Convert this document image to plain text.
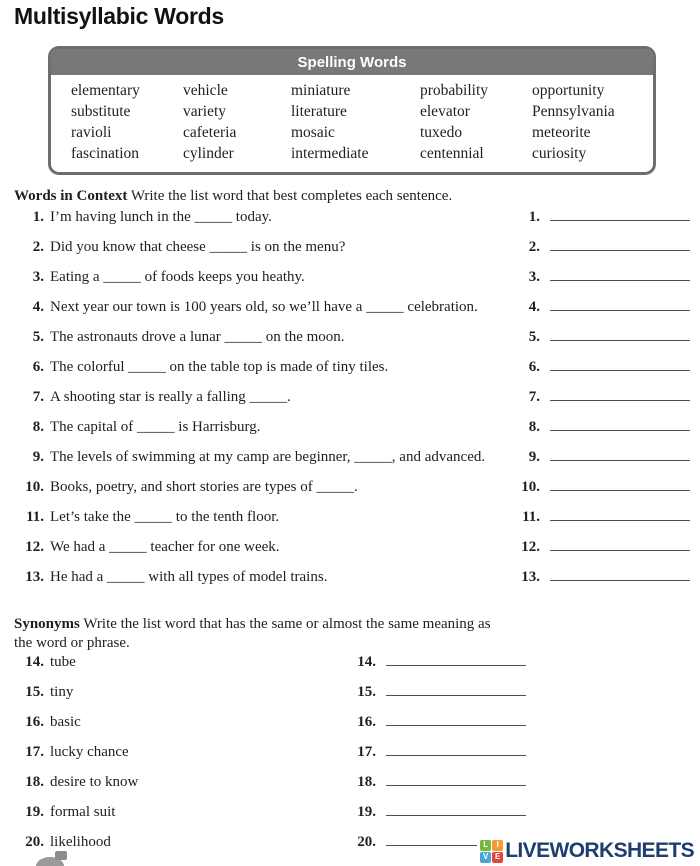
Multisyllabic Words
Spelling Words
elementary	vehicle	miniature	probability	opportunity
substitute	variety	literature	elevator	Pennsylvania
ravioli	cafeteria	mosaic	tuxedo	meteorite
fascination	cylinder	intermediate	centennial	curiosity
Words in Context Write the list word that best completes each sentence.
1. I’m having lunch in the _____ today.	1.
2. Did you know that cheese _____ is on the menu?	2.
3. Eating a _____ of foods keeps you heathy.	3.
4. Next year our town is 100 years old, so we’ll have a _____ celebration.	4.
5. The astronauts drove a lunar _____ on the moon.	5.
6. The colorful _____ on the table top is made of tiny tiles.	6.
7. A shooting star is really a falling _____.	7.
8. The capital of _____ is Harrisburg.	8.
9. The levels of swimming at my camp are beginner, _____, and advanced.	9.
10. Books, poetry, and short stories are types of _____.	10.
11. Let’s take the _____ to the tenth floor.	11.
12. We had a _____ teacher for one week.	12.
13. He had a _____ with all types of model trains.	13.
Synonyms Write the list word that has the same or almost the same meaning as the word or phrase.
14. tube	14.
15. tiny	15.
16. basic	16.
17. lucky chance	17.
18. desire to know	18.
19. formal suit	19.
20. likelihood	20.	L	I
V E LIVEWORKSHEETS
